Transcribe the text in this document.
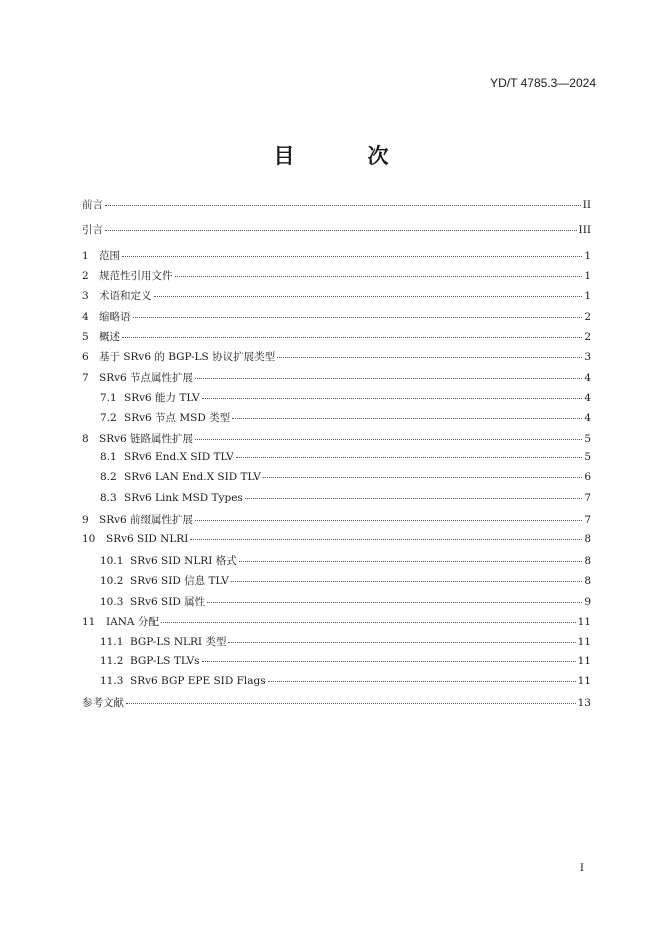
YD/T 4785.3—2024
目　次
前言	II
引言	III
1 范围	1
2 规范性引用文件	1
3 术语和定义	1
4 缩略语	2
5 概述	2
6 基于 SRv6 的 BGP-LS 协议扩展类型	3
7 SRv6 节点属性扩展	4
7.1 SRv6 能力 TLV	4
7.2 SRv6 节点 MSD 类型	4
8 SRv6 链路属性扩展	5
8.1 SRv6 End.X SID TLV	5
8.2 SRv6 LAN End.X SID TLV	6
8.3 SRv6 Link MSD Types	7
9 SRv6 前缀属性扩展	7
10	SRv6 SID NLRI	8
10.1 SRv6 SID NLRI 格式	8
10.2 SRv6 SID 信息 TLV	8
10.3 SRv6 SID 属性	9
11	IANA 分配	11
11.1 BGP-LS NLRI 类型	11
11.2 BGP-LS TLVs	11
11.3 SRv6 BGP EPE SID Flags	11
参考文献	13
I
